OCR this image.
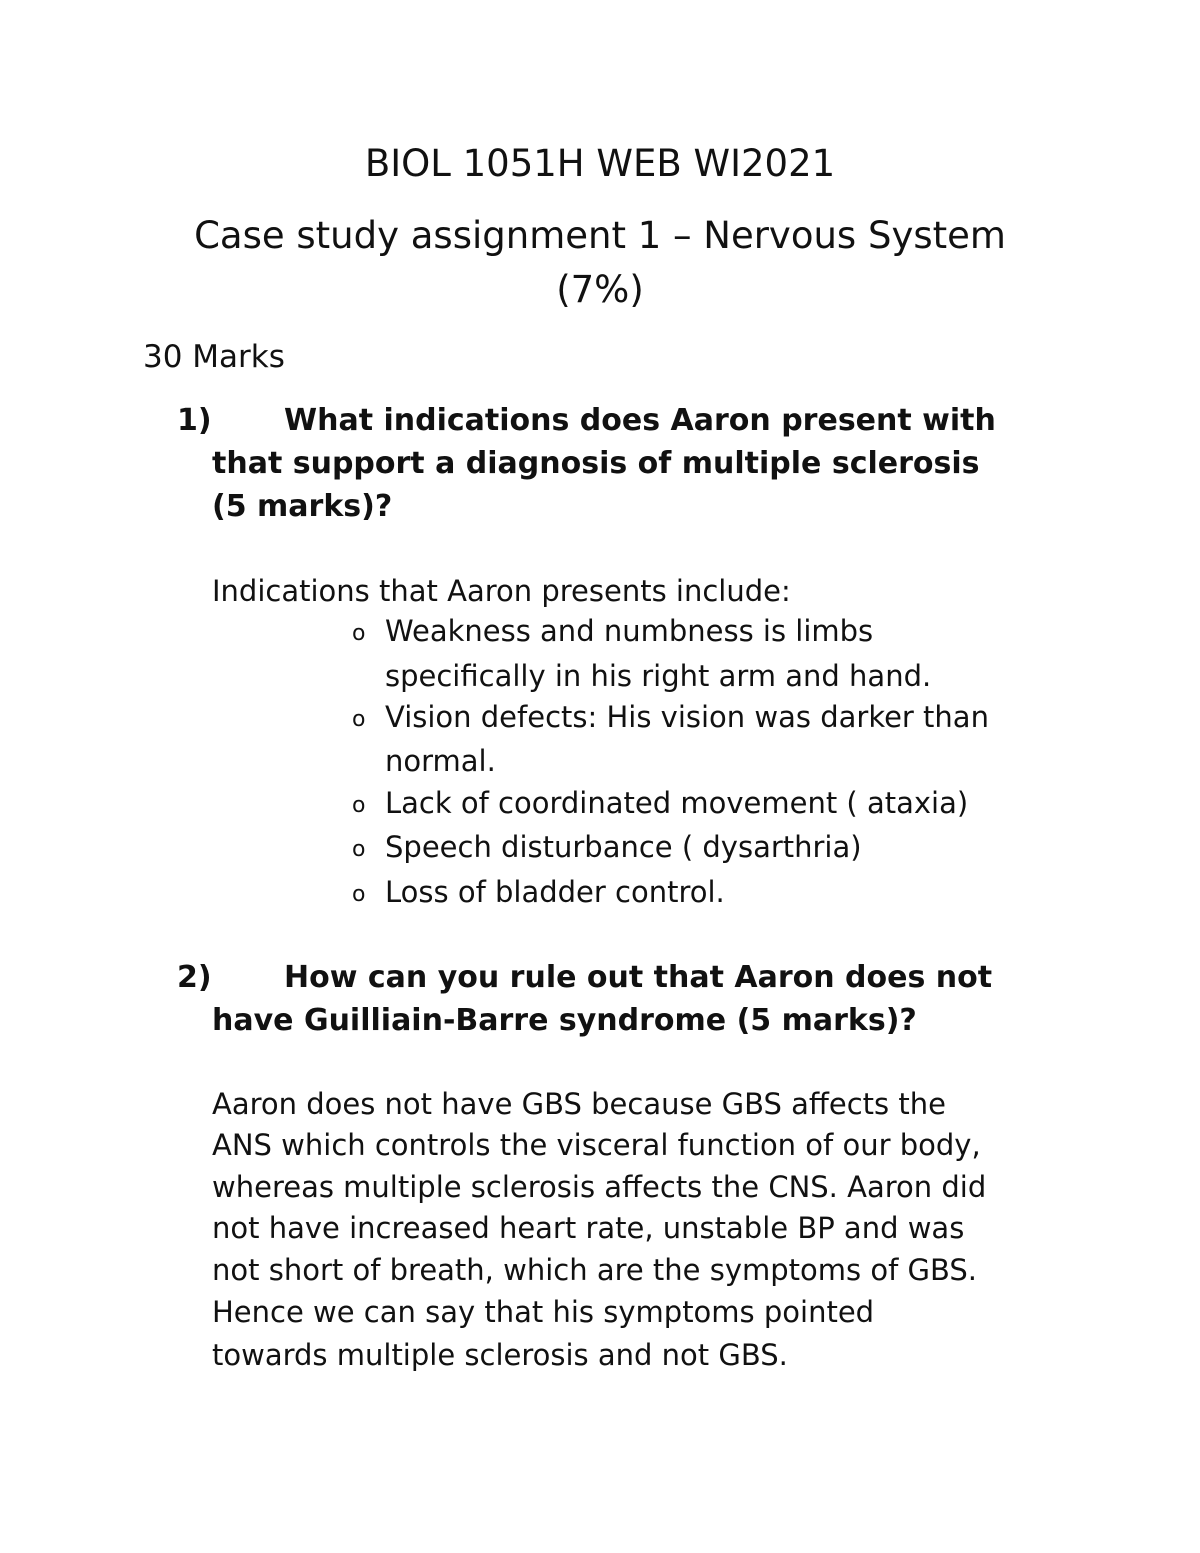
BIOL 1051H WEB WI2021
Case study assignment 1 – Nervous System
(7%)
30 Marks
1) What indications does Aaron present with
that support a diagnosis of multiple sclerosis
(5 marks)?
Indications that Aaron presents include:
o Weakness and numbness is limbs
specifically in his right arm and hand.
o Vision defects: His vision was darker than
normal.
o Lack of coordinated movement ( ataxia)
o Speech disturbance ( dysarthria)
o Loss of bladder control.
2) How can you rule out that Aaron does not
have Guilliain-Barre syndrome (5 marks)?
Aaron does not have GBS because GBS affects the
ANS which controls the visceral function of our body,
whereas multiple sclerosis affects the CNS. Aaron did
not have increased heart rate, unstable BP and was
not short of breath, which are the symptoms of GBS.
Hence we can say that his symptoms pointed
towards multiple sclerosis and not GBS.
